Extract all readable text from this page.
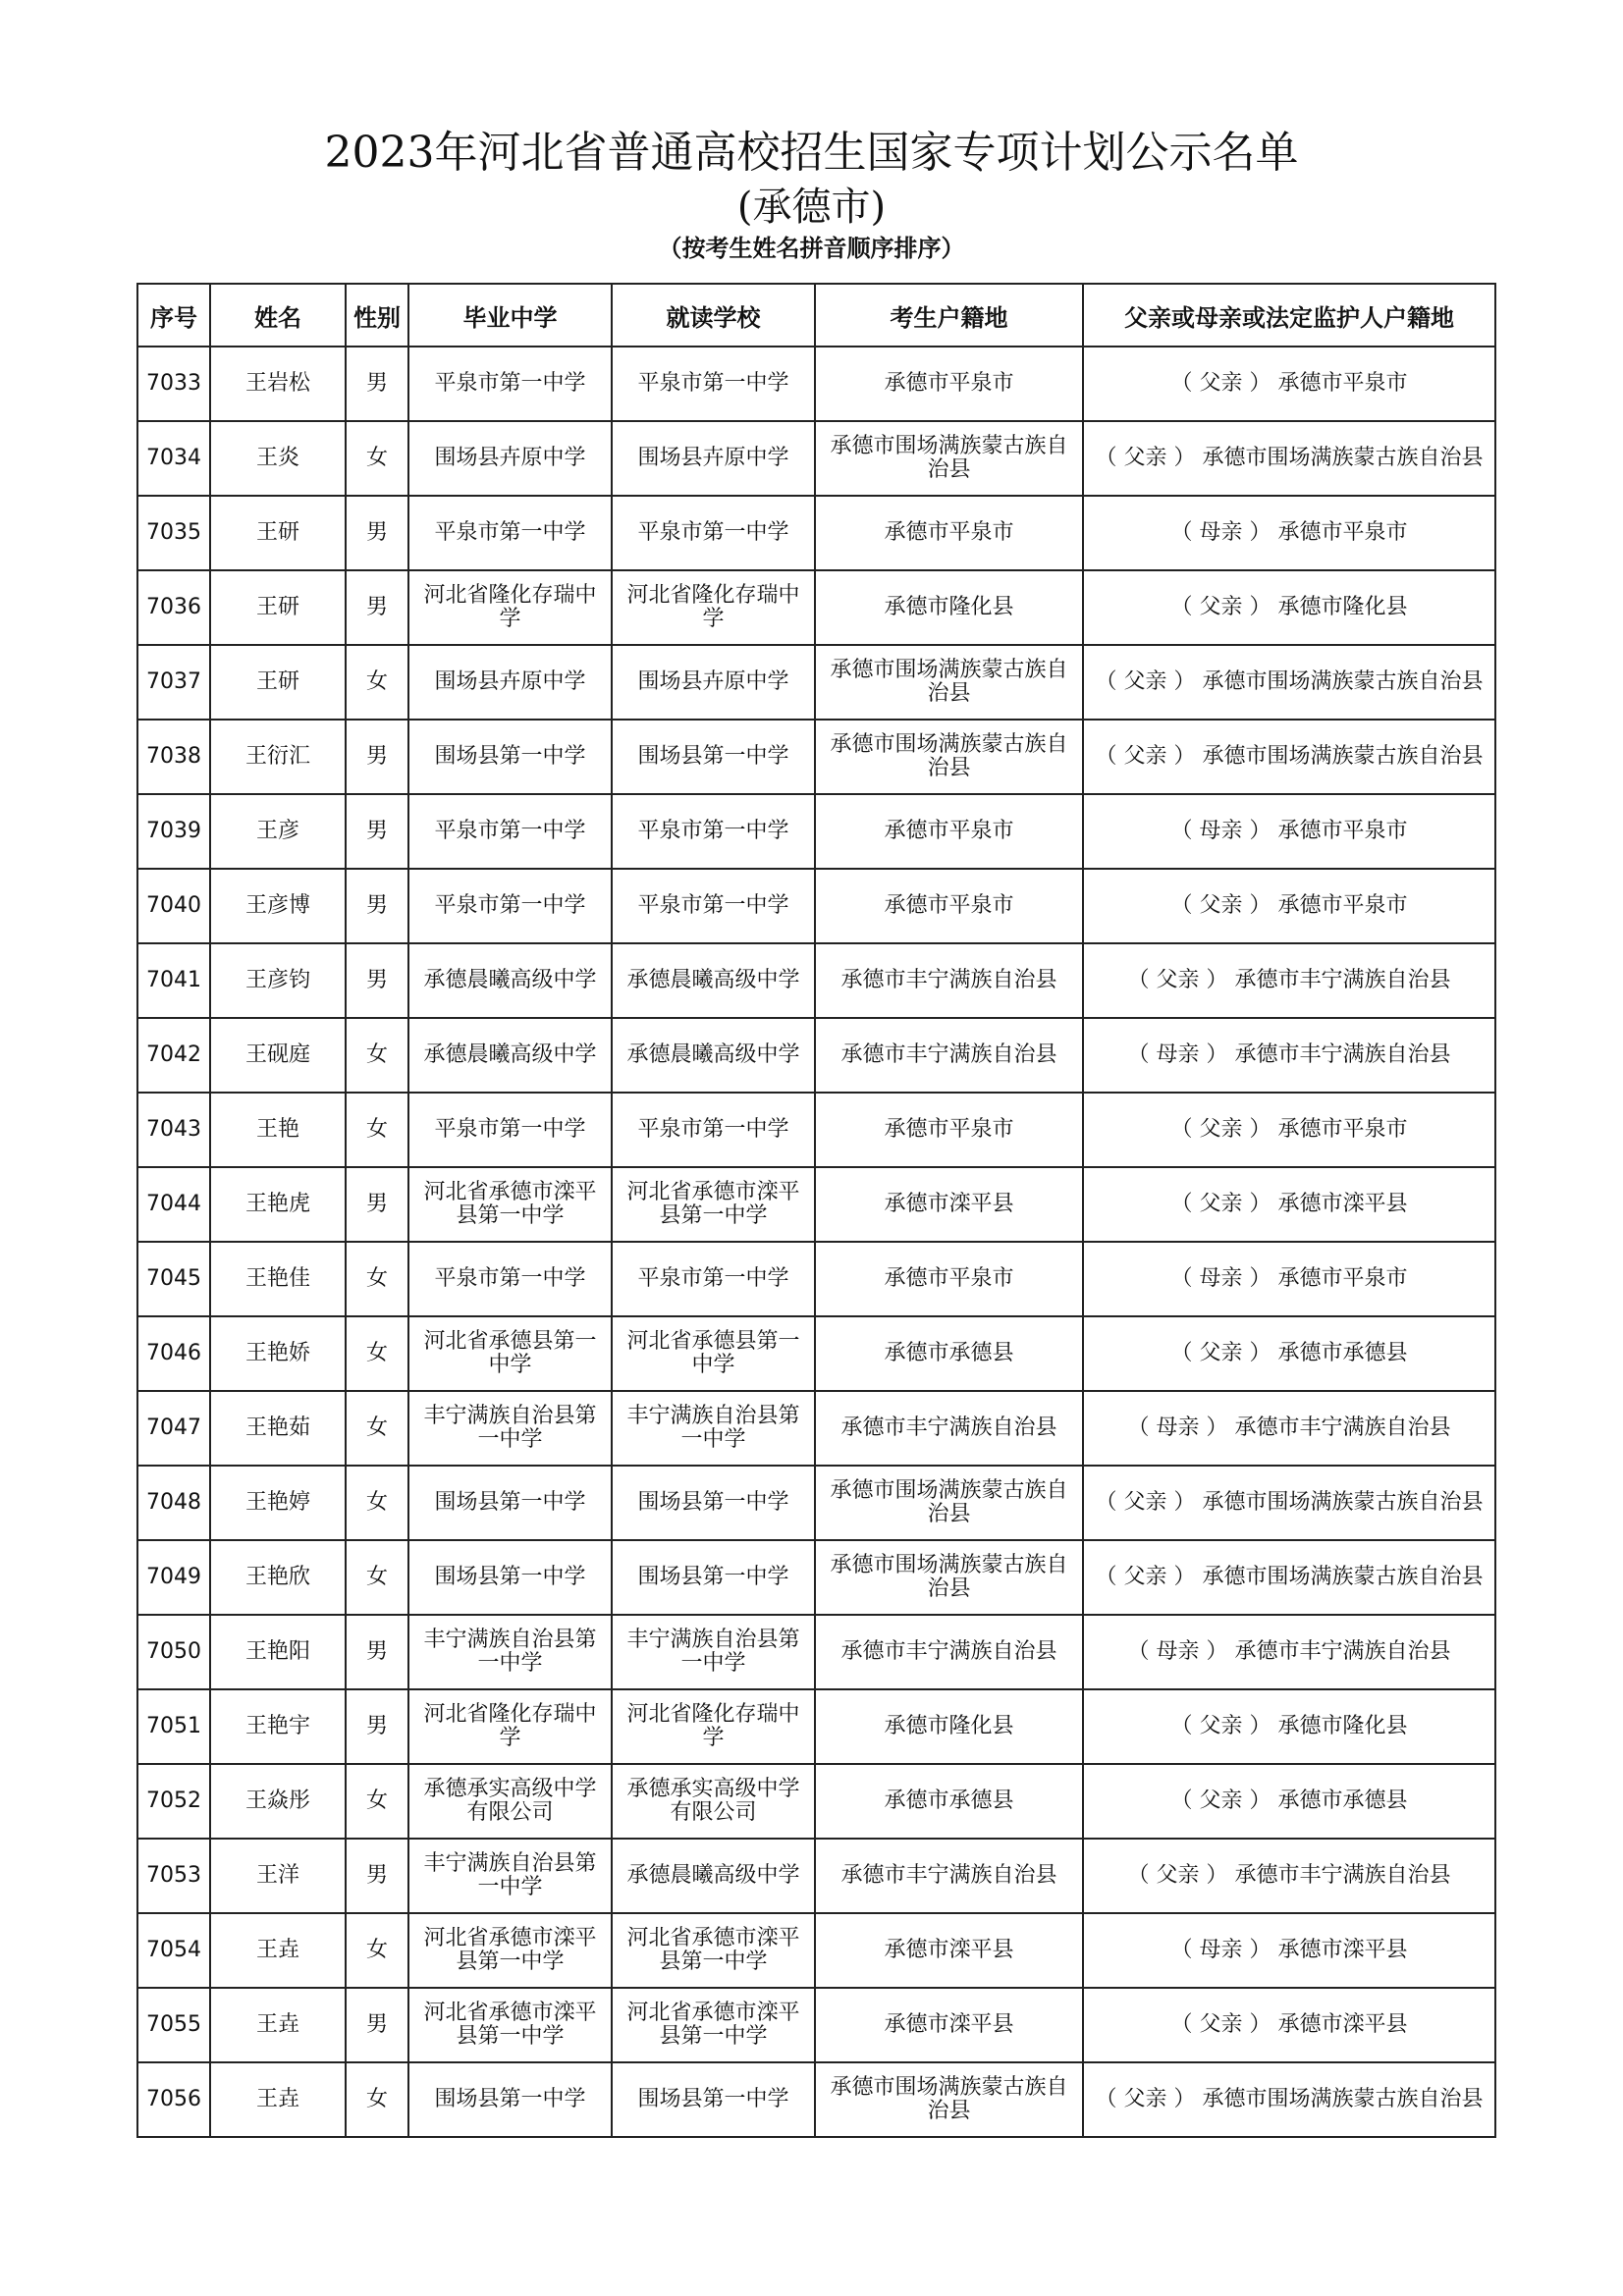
2023年河北省普通高校招生国家专项计划公示名单
(承德市)
（按考生姓名拼音顺序排序）
序号	姓名	性别	毕业中学	就读学校	考生户籍地	父亲或母亲或法定监护人户籍地
7033	王岩松	男	平泉市第一中学	平泉市第一中学	承德市平泉市	（ 父亲 ） 承德市平泉市
7034	王炎	女	围场县卉原中学	围场县卉原中学	承德市围场满族蒙古族自治县	（ 父亲 ） 承德市围场满族蒙古族自治县
7035	王研	男	平泉市第一中学	平泉市第一中学	承德市平泉市	（ 母亲 ） 承德市平泉市
7036	王研	男	河北省隆化存瑞中学	河北省隆化存瑞中学	承德市隆化县	（ 父亲 ） 承德市隆化县
7037	王研	女	围场县卉原中学	围场县卉原中学	承德市围场满族蒙古族自治县	（ 父亲 ） 承德市围场满族蒙古族自治县
7038	王衍汇	男	围场县第一中学	围场县第一中学	承德市围场满族蒙古族自治县	（ 父亲 ） 承德市围场满族蒙古族自治县
7039	王彦	男	平泉市第一中学	平泉市第一中学	承德市平泉市	（ 母亲 ） 承德市平泉市
7040	王彦博	男	平泉市第一中学	平泉市第一中学	承德市平泉市	（ 父亲 ） 承德市平泉市
7041	王彦钧	男	承德晨曦高级中学	承德晨曦高级中学	承德市丰宁满族自治县	（ 父亲 ） 承德市丰宁满族自治县
7042	王砚庭	女	承德晨曦高级中学	承德晨曦高级中学	承德市丰宁满族自治县	（ 母亲 ） 承德市丰宁满族自治县
7043	王艳	女	平泉市第一中学	平泉市第一中学	承德市平泉市	（ 父亲 ） 承德市平泉市
7044	王艳虎	男	河北省承德市滦平县第一中学	河北省承德市滦平县第一中学	承德市滦平县	（ 父亲 ） 承德市滦平县
7045	王艳佳	女	平泉市第一中学	平泉市第一中学	承德市平泉市	（ 母亲 ） 承德市平泉市
7046	王艳娇	女	河北省承德县第一中学	河北省承德县第一中学	承德市承德县	（ 父亲 ） 承德市承德县
7047	王艳茹	女	丰宁满族自治县第一中学	丰宁满族自治县第一中学	承德市丰宁满族自治县	（ 母亲 ） 承德市丰宁满族自治县
7048	王艳婷	女	围场县第一中学	围场县第一中学	承德市围场满族蒙古族自治县	（ 父亲 ） 承德市围场满族蒙古族自治县
7049	王艳欣	女	围场县第一中学	围场县第一中学	承德市围场满族蒙古族自治县	（ 父亲 ） 承德市围场满族蒙古族自治县
7050	王艳阳	男	丰宁满族自治县第一中学	丰宁满族自治县第一中学	承德市丰宁满族自治县	（ 母亲 ） 承德市丰宁满族自治县
7051	王艳宇	男	河北省隆化存瑞中学	河北省隆化存瑞中学	承德市隆化县	（ 父亲 ） 承德市隆化县
7052	王焱彤	女	承德承实高级中学有限公司	承德承实高级中学有限公司	承德市承德县	（ 父亲 ） 承德市承德县
7053	王洋	男	丰宁满族自治县第一中学	承德晨曦高级中学	承德市丰宁满族自治县	（ 父亲 ） 承德市丰宁满族自治县
7054	王垚	女	河北省承德市滦平县第一中学	河北省承德市滦平县第一中学	承德市滦平县	（ 母亲 ） 承德市滦平县
7055	王垚	男	河北省承德市滦平县第一中学	河北省承德市滦平县第一中学	承德市滦平县	（ 父亲 ） 承德市滦平县
7056	王垚	女	围场县第一中学	围场县第一中学	承德市围场满族蒙古族自治县	（ 父亲 ） 承德市围场满族蒙古族自治县
